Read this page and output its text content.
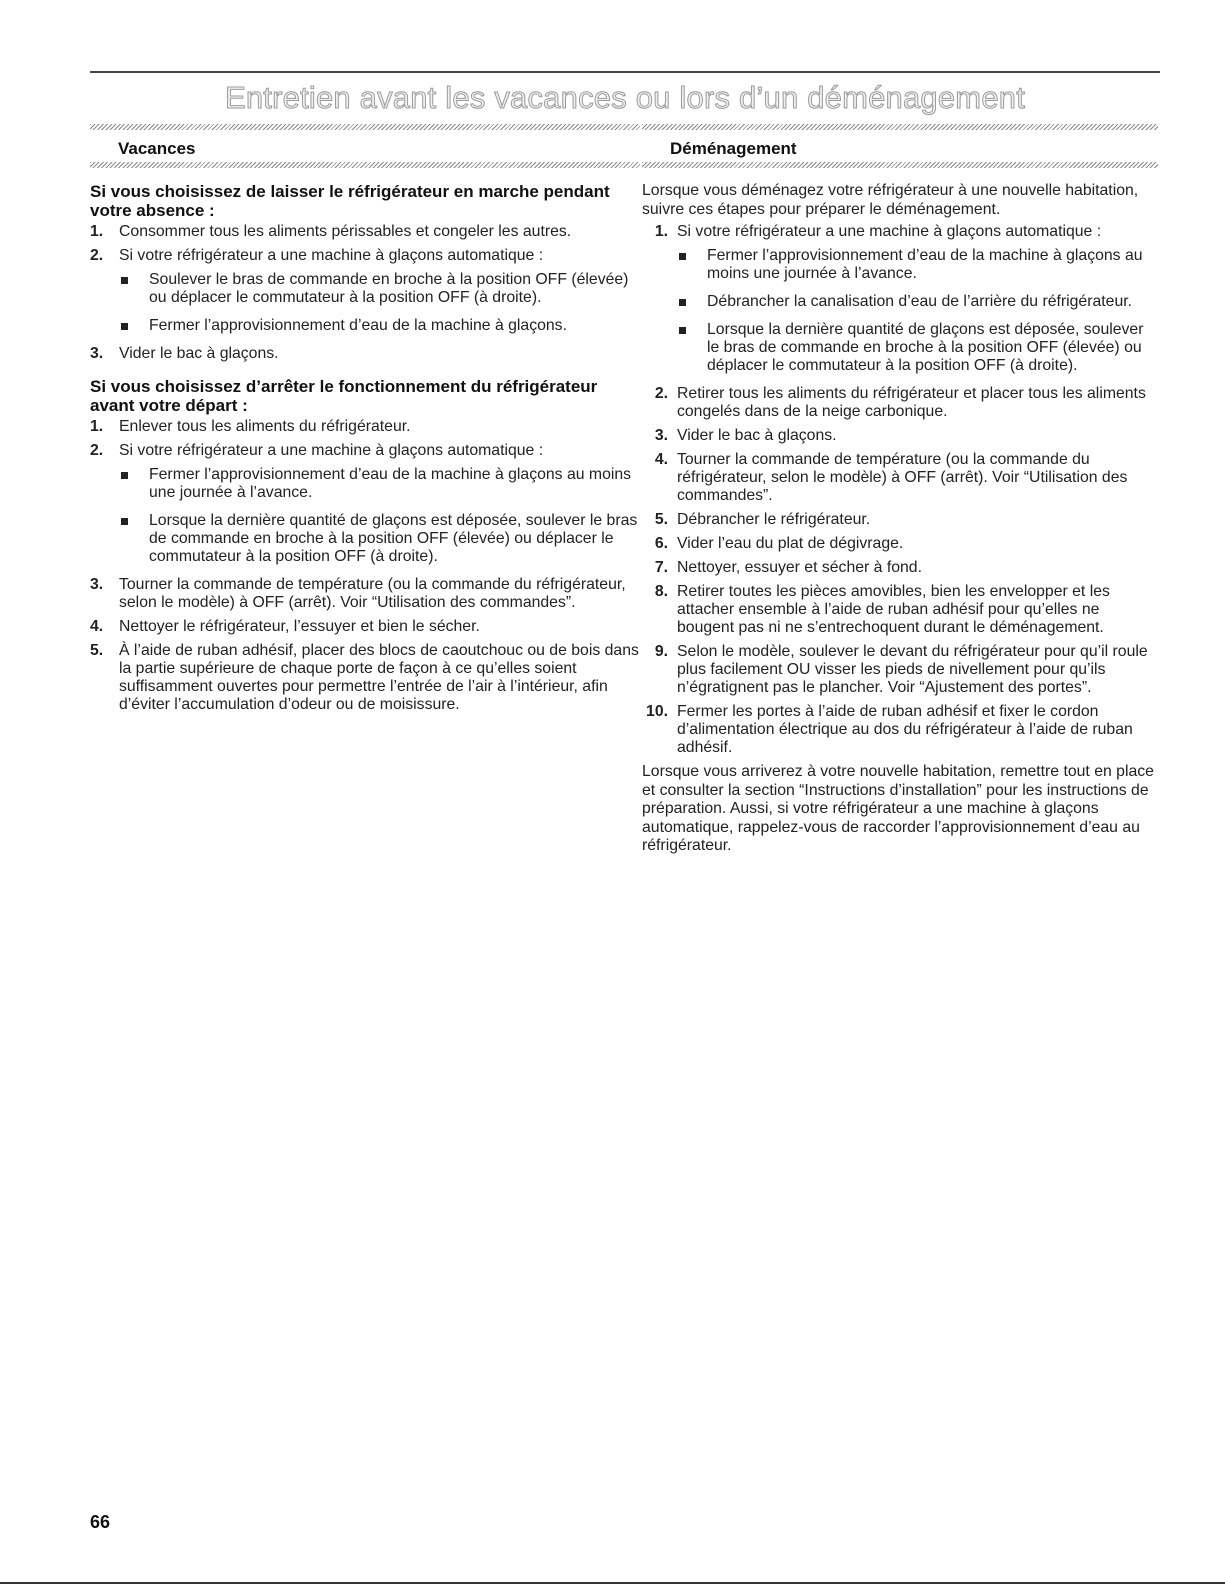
Entretien avant les vacances ou lors d’un déménagement
Vacances
Si vous choisissez de laisser le réfrigérateur en marche pendant votre absence :
1. Consommer tous les aliments périssables et congeler les autres.
2. Si votre réfrigérateur a une machine à glaçons automatique :
Soulever le bras de commande en broche à la position OFF (élevée) ou déplacer le commutateur à la position OFF (à droite).
Fermer l’approvisionnement d’eau de la machine à glaçons.
3. Vider le bac à glaçons.
Si vous choisissez d’arrêter le fonctionnement du réfrigérateur avant votre départ :
1. Enlever tous les aliments du réfrigérateur.
2. Si votre réfrigérateur a une machine à glaçons automatique :
Fermer l’approvisionnement d’eau de la machine à glaçons au moins une journée à l’avance.
Lorsque la dernière quantité de glaçons est déposée, soulever le bras de commande en broche à la position OFF (élevée) ou déplacer le commutateur à la position OFF (à droite).
3. Tourner la commande de température (ou la commande du réfrigérateur, selon le modèle) à OFF (arrêt). Voir “Utilisation des commandes”.
4. Nettoyer le réfrigérateur, l’essuyer et bien le sécher.
5. À l’aide de ruban adhésif, placer des blocs de caoutchouc ou de bois dans la partie supérieure de chaque porte de façon à ce qu’elles soient suffisamment ouvertes pour permettre l’entrée de l’air à l’intérieur, afin d’éviter l’accumulation d’odeur ou de moisissure.
Déménagement

Lorsque vous déménagez votre réfrigérateur à une nouvelle habitation, suivre ces étapes pour préparer le déménagement.

1. Si votre réfrigérateur a une machine à glaçons automatique :
Fermer l’approvisionnement d’eau de la machine à glaçons au moins une journée à l’avance.
Débrancher la canalisation d’eau de l’arrière du réfrigérateur.
Lorsque la dernière quantité de glaçons est déposée, soulever le bras de commande en broche à la position OFF (élevée) ou déplacer le commutateur à la position OFF (à droite).
2. Retirer tous les aliments du réfrigérateur et placer tous les aliments congelés dans de la neige carbonique.
3. Vider le bac à glaçons.
4. Tourner la commande de température (ou la commande du réfrigérateur, selon le modèle) à OFF (arrêt). Voir “Utilisation des commandes”.
5. Débrancher le réfrigérateur.
6. Vider l’eau du plat de dégivrage.
7. Nettoyer, essuyer et sécher à fond.
8. Retirer toutes les pièces amovibles, bien les envelopper et les attacher ensemble à l’aide de ruban adhésif pour qu’elles ne bougent pas ni ne s’entrechoquent durant le déménagement.
9. Selon le modèle, soulever le devant du réfrigérateur pour qu’il roule plus facilement OU visser les pieds de nivellement pour qu’ils n’égratignent pas le plancher. Voir “Ajustement des portes”.
10. Fermer les portes à l’aide de ruban adhésif et fixer le cordon d’alimentation électrique au dos du réfrigérateur à l’aide de ruban adhésif.

Lorsque vous arriverez à votre nouvelle habitation, remettre tout en place et consulter la section “Instructions d’installation” pour les instructions de préparation. Aussi, si votre réfrigérateur a une machine à glaçons automatique, rappelez-vous de raccorder l’approvisionnement d’eau au réfrigérateur.

66
